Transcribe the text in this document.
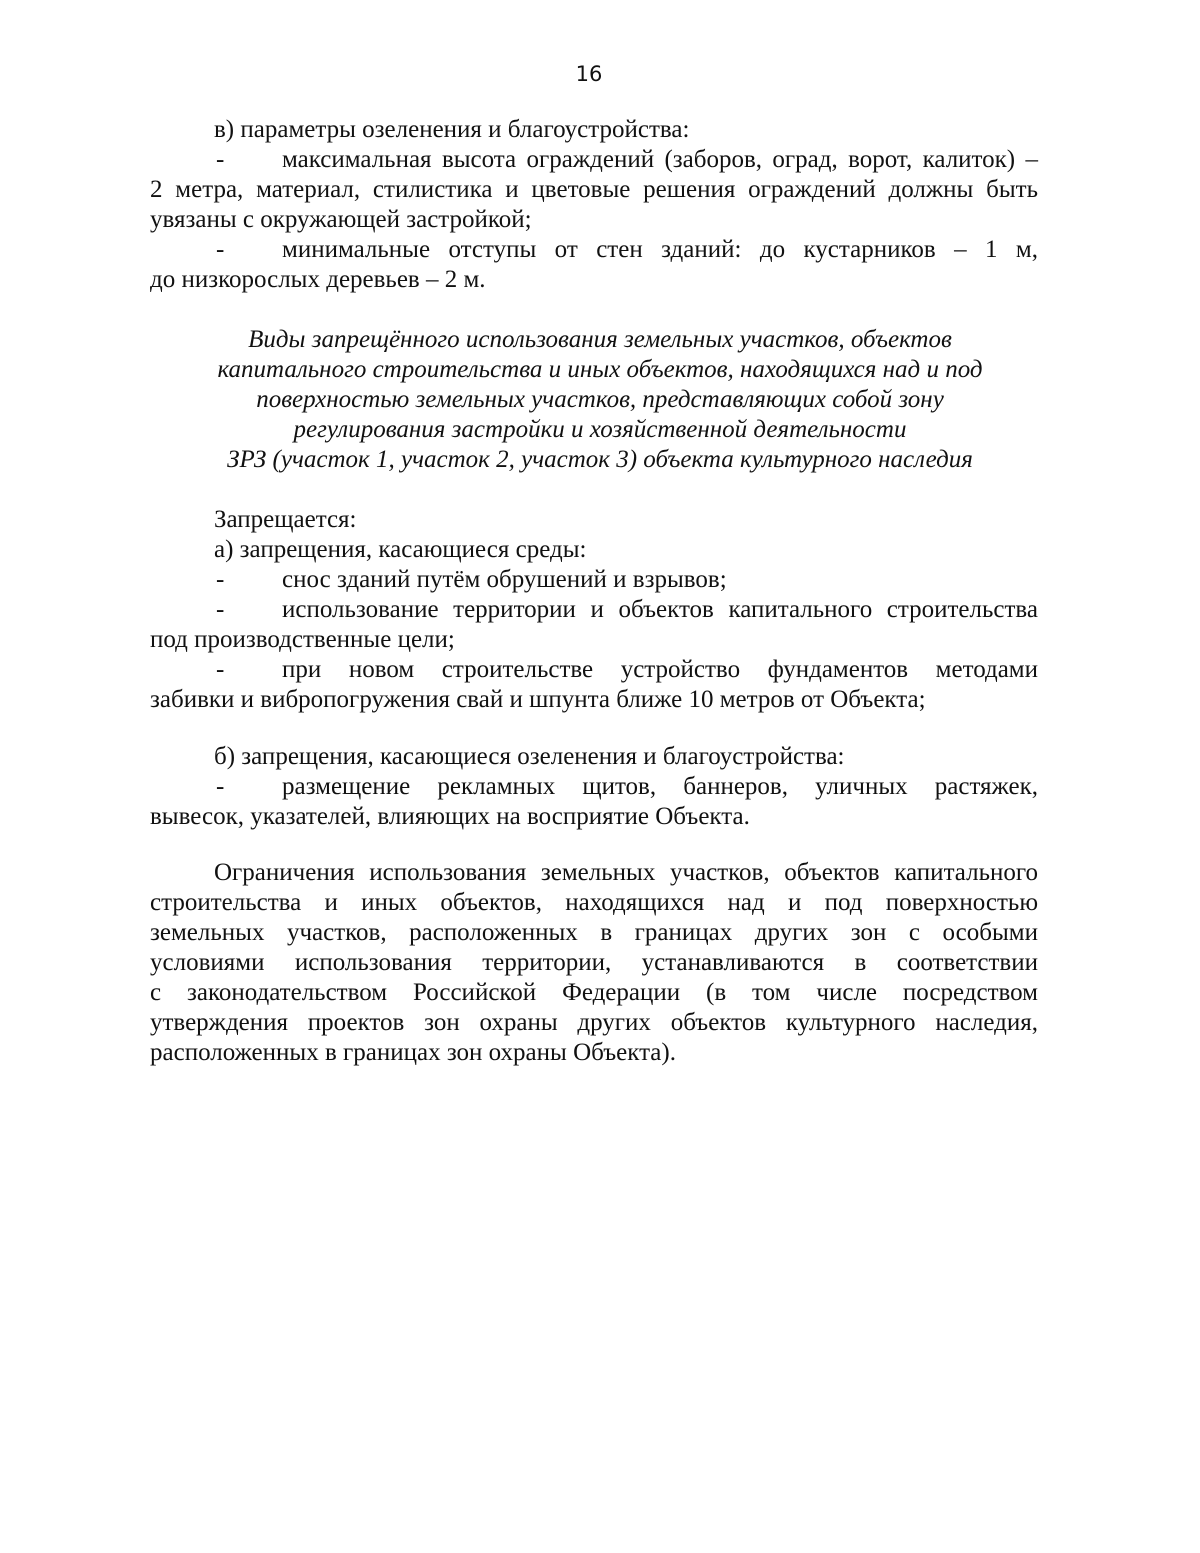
16
в) параметры озеленения и благоустройства:
-	максимальная высота ограждений (заборов, оград, ворот, калиток) –
2 метра, материал, стилистика и цветовые решения ограждений должны быть
увязаны с окружающей застройкой;
-	минимальные отступы от стен зданий: до кустарников – 1 м,
до низкорослых деревьев – 2 м.
Виды запрещённого использования земельных участков, объектов
капитального строительства и иных объектов, находящихся над и под
поверхностью земельных участков, представляющих собой зону
регулирования застройки и хозяйственной деятельности
ЗРЗ (участок 1, участок 2, участок 3) объекта культурного наследия
Запрещается:
а) запрещения, касающиеся среды:
-	снос зданий путём обрушений и взрывов;
-	использование территории и объектов капитального строительства
под производственные цели;
-	при новом строительстве устройство фундаментов методами
забивки и вибропогружения свай и шпунта ближе 10 метров от Объекта;
б) запрещения, касающиеся озеленения и благоустройства:
-	размещение рекламных щитов, баннеров, уличных растяжек,
вывесок, указателей, влияющих на восприятие Объекта.
Ограничения использования земельных участков, объектов капитального
строительства и иных объектов, находящихся над и под поверхностью
земельных участков, расположенных в границах других зон с особыми
условиями использования территории, устанавливаются в соответствии
с законодательством Российской Федерации (в том числе посредством
утверждения проектов зон охраны других объектов культурного наследия,
расположенных в границах зон охраны Объекта).
